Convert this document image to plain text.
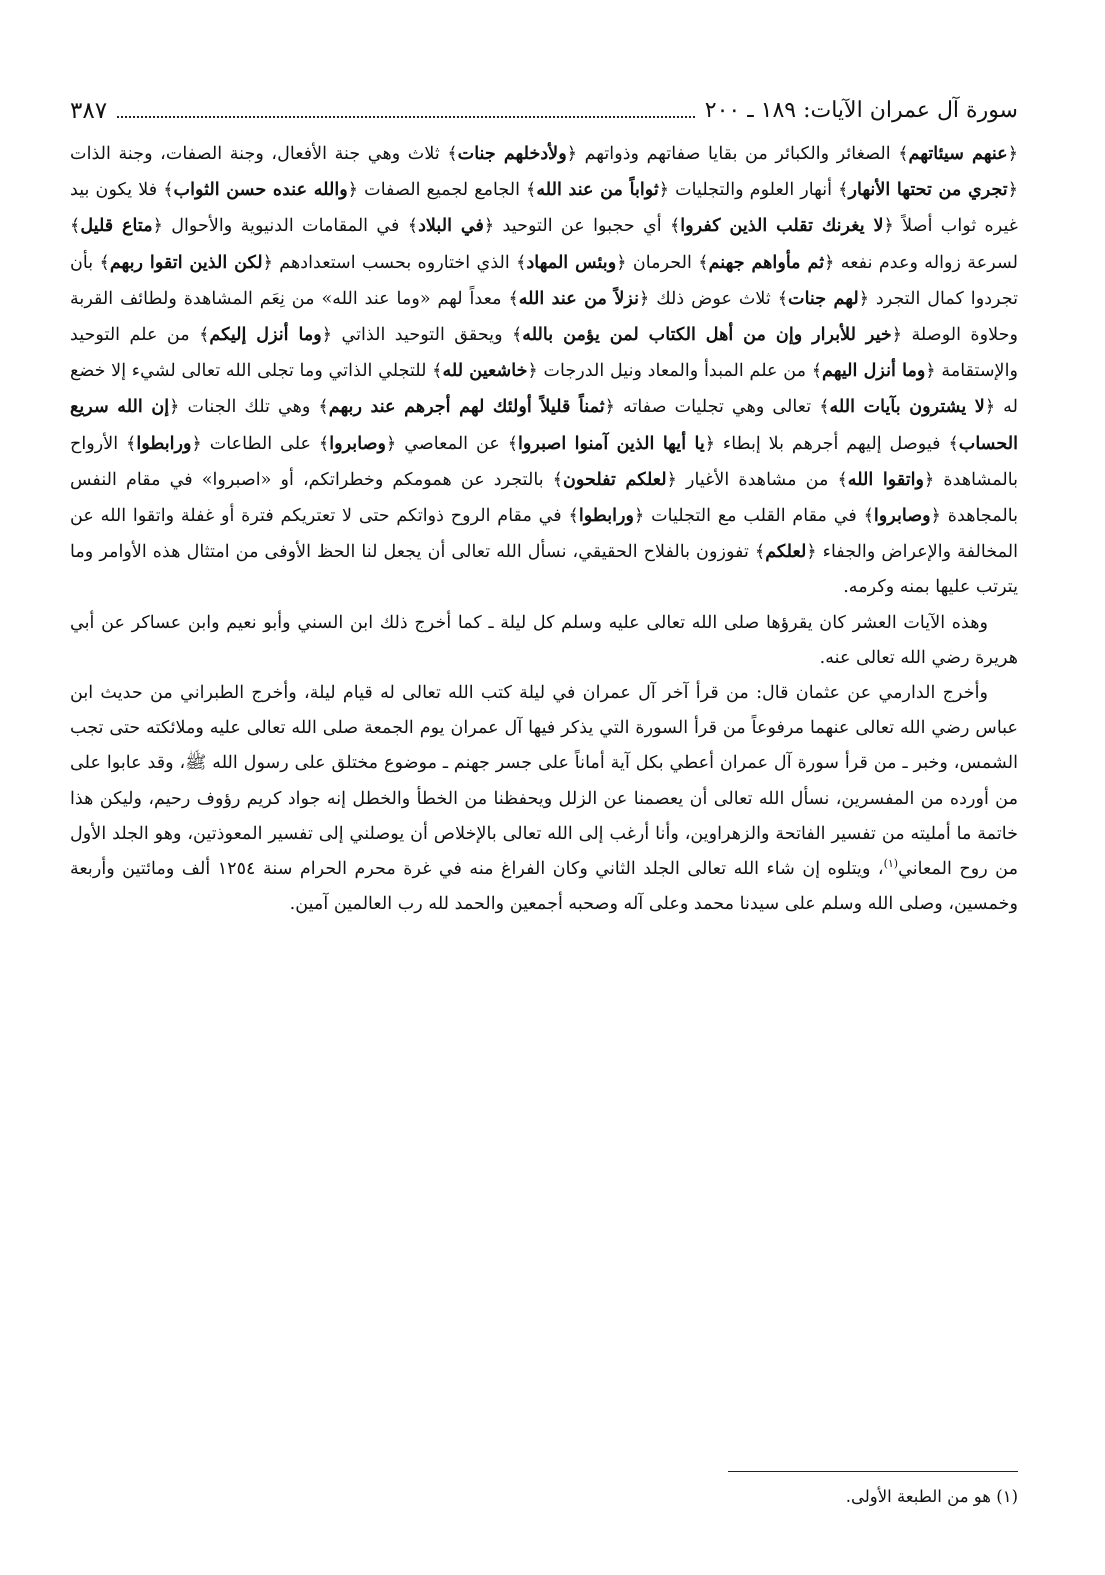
سورة آل عمران الآيات: ١٨٩ ـ ٢٠٠
٣٨٧

﴿ عنهم سيئاتهم ﴾ الصغائر والكبائر من بقايا صفاتهم وذواتهم ﴿ ولأدخلهم جنات ﴾ ثلاث وهي جنة الأفعال، وجنة الصفات، وجنة الذات ﴿ تجري من تحتها الأنهار ﴾ أنهار العلوم والتجليات ﴿ ثواباً من عند الله ﴾ الجامع لجميع الصفات ﴿ والله عنده حسن الثواب ﴾ فلا يكون بيد غيره ثواب أصلاً ﴿ لا يغرنك تقلب الذين كفروا ﴾ أي حجبوا عن التوحيد ﴿ في البلاد ﴾ في المقامات الدنيوية والأحوال ﴿ متاع قليل ﴾ لسرعة زواله وعدم نفعه ﴿ ثم مأواهم جهنم ﴾ الحرمان ﴿ وبئس المهاد ﴾ الذي اختاروه بحسب استعدادهم ﴿ لكن الذين اتقوا ربهم ﴾ بأن تجردوا كمال التجرد ﴿ لهم جنات ﴾ ثلاث عوض ذلك ﴿ نزلاً من عند الله ﴾ معداً لهم «وما عند الله» من نِعَم المشاهدة ولطائف القربة وحلاوة الوصلة ﴿ خير للأبرار وإن من أهل الكتاب لمن يؤمن بالله ﴾ ويحقق التوحيد الذاتي ﴿ وما أنزل إليكم ﴾ من علم التوحيد والإستقامة ﴿ وما أنزل اليهم ﴾ من علم المبدأ والمعاد ونيل الدرجات ﴿ خاشعين لله ﴾ للتجلي الذاتي وما تجلى الله تعالى لشيء إلا خضع له ﴿ لا يشترون بآيات الله ﴾ تعالى وهي تجليات صفاته ﴿ ثمناً قليلاً أولئك لهم أجرهم عند ربهم ﴾ وهي تلك الجنات ﴿ إن الله سريع الحساب ﴾ فيوصل إليهم أجرهم بلا إبطاء ﴿ يا أيها الذين آمنوا اصبروا ﴾ عن المعاصي ﴿ وصابروا ﴾ على الطاعات ﴿ ورابطوا ﴾ الأرواح بالمشاهدة ﴿ واتقوا الله ﴾ من مشاهدة الأغيار ﴿ لعلكم تفلحون ﴾ بالتجرد عن همومكم وخطراتكم، أو «اصبروا» في مقام النفس بالمجاهدة ﴿ وصابروا ﴾ في مقام القلب مع التجليات ﴿ ورابطوا ﴾ في مقام الروح ذواتكم حتى لا تعتريكم فترة أو غفلة واتقوا الله عن المخالفة والإعراض والجفاء ﴿ لعلكم ﴾ تفوزون بالفلاح الحقيقي، نسأل الله تعالى أن يجعل لنا الحظ الأوفى من امتثال هذه الأوامر وما يترتب عليها بمنه وكرمه.

وهذه الآيات العشر كان يقرؤها صلى الله تعالى عليه وسلم كل ليلة ـ كما أخرج ذلك ابن السني وأبو نعيم وابن عساكر عن أبي هريرة رضي الله تعالى عنه.

وأخرج الدارمي عن عثمان قال: من قرأ آخر آل عمران في ليلة كتب الله تعالى له قيام ليلة، وأخرج الطبراني من حديث ابن عباس رضي الله تعالى عنهما مرفوعاً من قرأ السورة التي يذكر فيها آل عمران يوم الجمعة صلى الله تعالى عليه وملائكته حتى تجب الشمس، وخبر ـ من قرأ سورة آل عمران أعطي بكل آية أماناً على جسر جهنم ـ موضوع مختلق على رسول الله ﷺ، وقد عابوا على من أورده من المفسرين، نسأل الله تعالى أن يعصمنا عن الزلل ويحفظنا من الخطأ والخطل إنه جواد كريم رؤوف رحيم، وليكن هذا خاتمة ما أمليته من تفسير الفاتحة والزهراوين، وأنا أرغب إلى الله تعالى بالإخلاص أن يوصلني إلى تفسير المعوذتين، وهو الجلد الأول من روح المعاني$^{(١)}$، ويتلوه إن شاء الله تعالى الجلد الثاني وكان الفراغ منه في غرة محرم الحرام سنة ١٢٥٤ ألف ومائتين وأربعة وخمسين، وصلى الله وسلم على سيدنا محمد وعلى آله وصحبه أجمعين والحمد لله رب العالمين آمين.

(١) هو من الطبعة الأولى.
